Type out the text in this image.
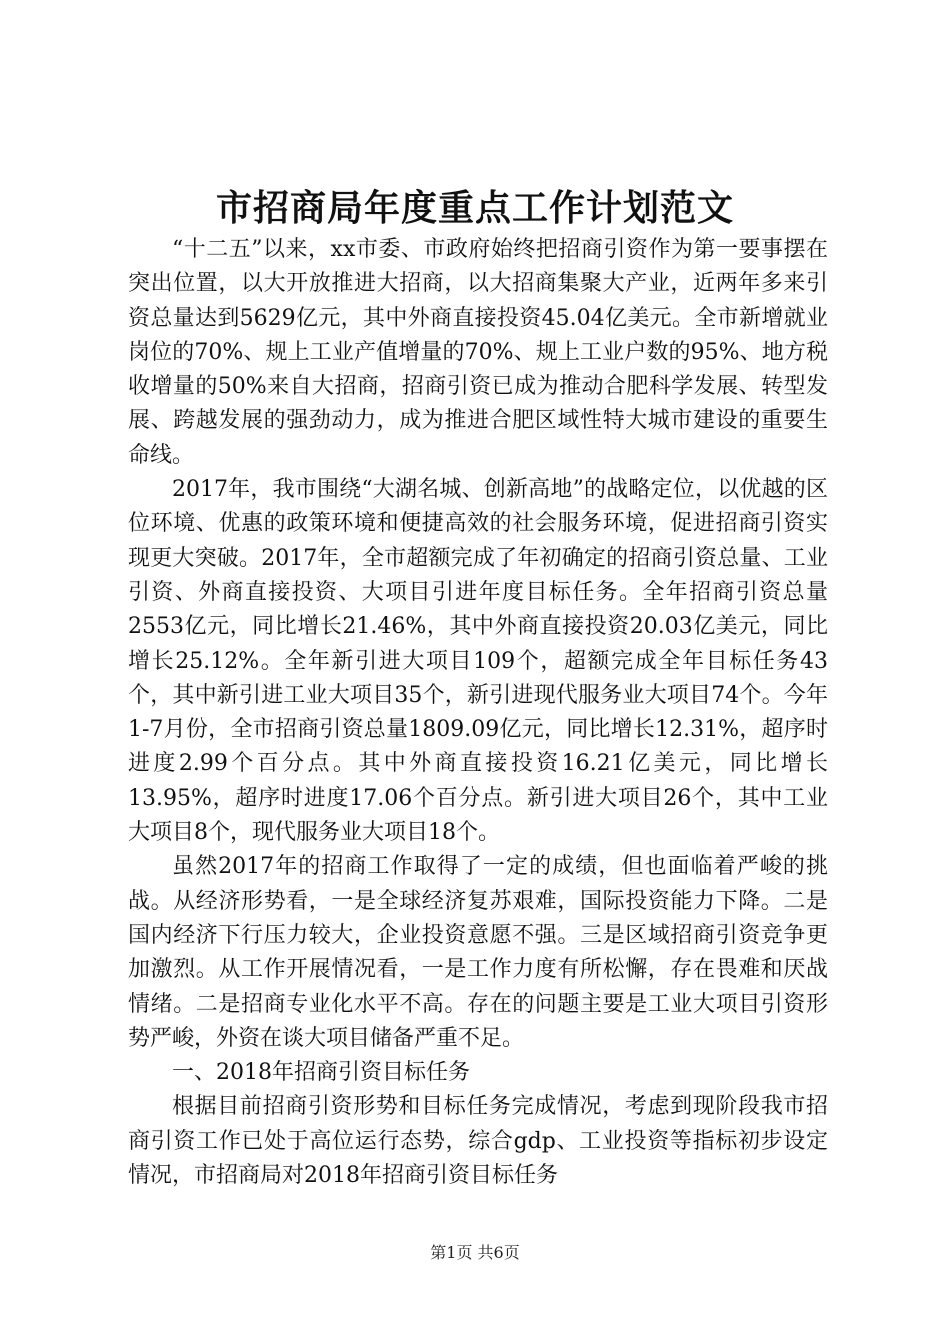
市招商局年度重点工作计划范文

“十二五”以来，xx市委、市政府始终把招商引资作为第一要事摆在突出位置，以大开放推进大招商，以大招商集聚大产业，近两年多来引资总量达到5629亿元，其中外商直接投资45.04亿美元。全市新增就业岗位的70%、规上工业产值增量的70%、规上工业户数的95%、地方税收增量的50%来自大招商，招商引资已成为推动合肥科学发展、转型发展、跨越发展的强劲动力，成为推进合肥区域性特大城市建设的重要生命线。

2017年，我市围绕“大湖名城、创新高地”的战略定位，以优越的区位环境、优惠的政策环境和便捷高效的社会服务环境，促进招商引资实现更大突破。2017年，全市超额完成了年初确定的招商引资总量、工业引资、外商直接投资、大项目引进年度目标任务。全年招商引资总量2553亿元，同比增长21.46%，其中外商直接投资20.03亿美元，同比增长25.12%。全年新引进大项目109个，超额完成全年目标任务43个，其中新引进工业大项目35个，新引进现代服务业大项目74个。今年1-7月份，全市招商引资总量1809.09亿元，同比增长12.31%，超序时进度2.99个百分点。其中外商直接投资16.21亿美元，同比增长13.95%，超序时进度17.06个百分点。新引进大项目26个，其中工业大项目8个，现代服务业大项目18个。

虽然2017年的招商工作取得了一定的成绩，但也面临着严峻的挑战。从经济形势看，一是全球经济复苏艰难，国际投资能力下降。二是国内经济下行压力较大，企业投资意愿不强。三是区域招商引资竞争更加激烈。从工作开展情况看，一是工作力度有所松懈，存在畏难和厌战情绪。二是招商专业化水平不高。存在的问题主要是工业大项目引资形势严峻，外资在谈大项目储备严重不足。

一、2018年招商引资目标任务

根据目前招商引资形势和目标任务完成情况，考虑到现阶段我市招商引资工作已处于高位运行态势，综合gdp、工业投资等指标初步设定情况，市招商局对2018年招商引资目标任务

第1页 共6页
